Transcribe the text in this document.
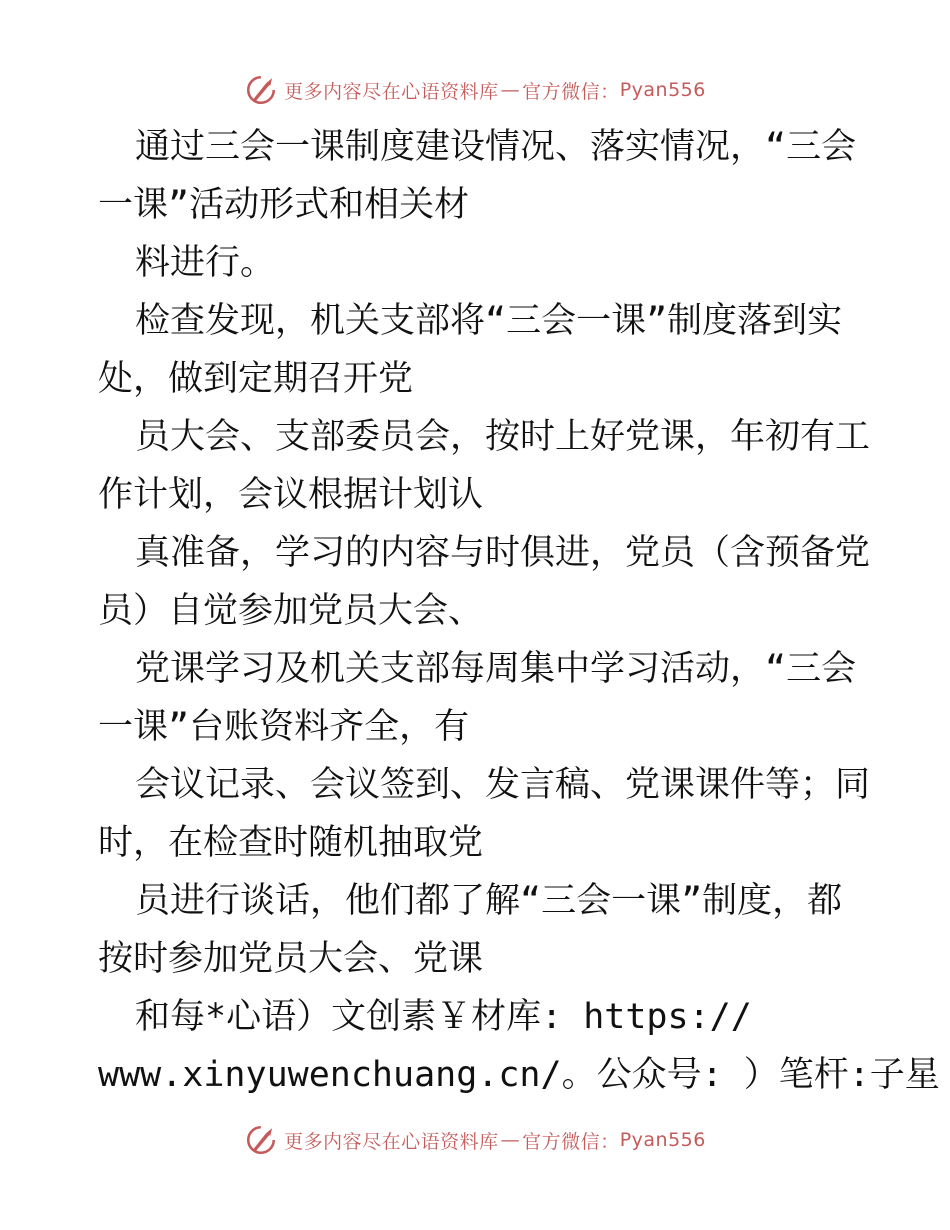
更多内容尽在心语资料库 — 官方微信： Pyan556
通过三会一课制度建设情况、落实情况，“三会
一课”活动形式和相关材
料进行。
检查发现，机关支部将“三会一课”制度落到实
处，做到定期召开党
员大会、支部委员会，按时上好党课，年初有工
作计划，会议根据计划认
真准备，学习的内容与时俱进，党员（含预备党
员）自觉参加党员大会、
党课学习及机关支部每周集中学习活动，“三会
一课”台账资料齐全，有
会议记录、会议签到、发言稿、党课课件等；同
时，在检查时随机抽取党
员进行谈话，他们都了解“三会一课”制度，都
按时参加党员大会、党课
和每*心语）文创素￥材库: https://
www.xinyuwenchuang.cn/。公众号: ）笔杆:子星
更多内容尽在心语资料库 — 官方微信： Pyan556
